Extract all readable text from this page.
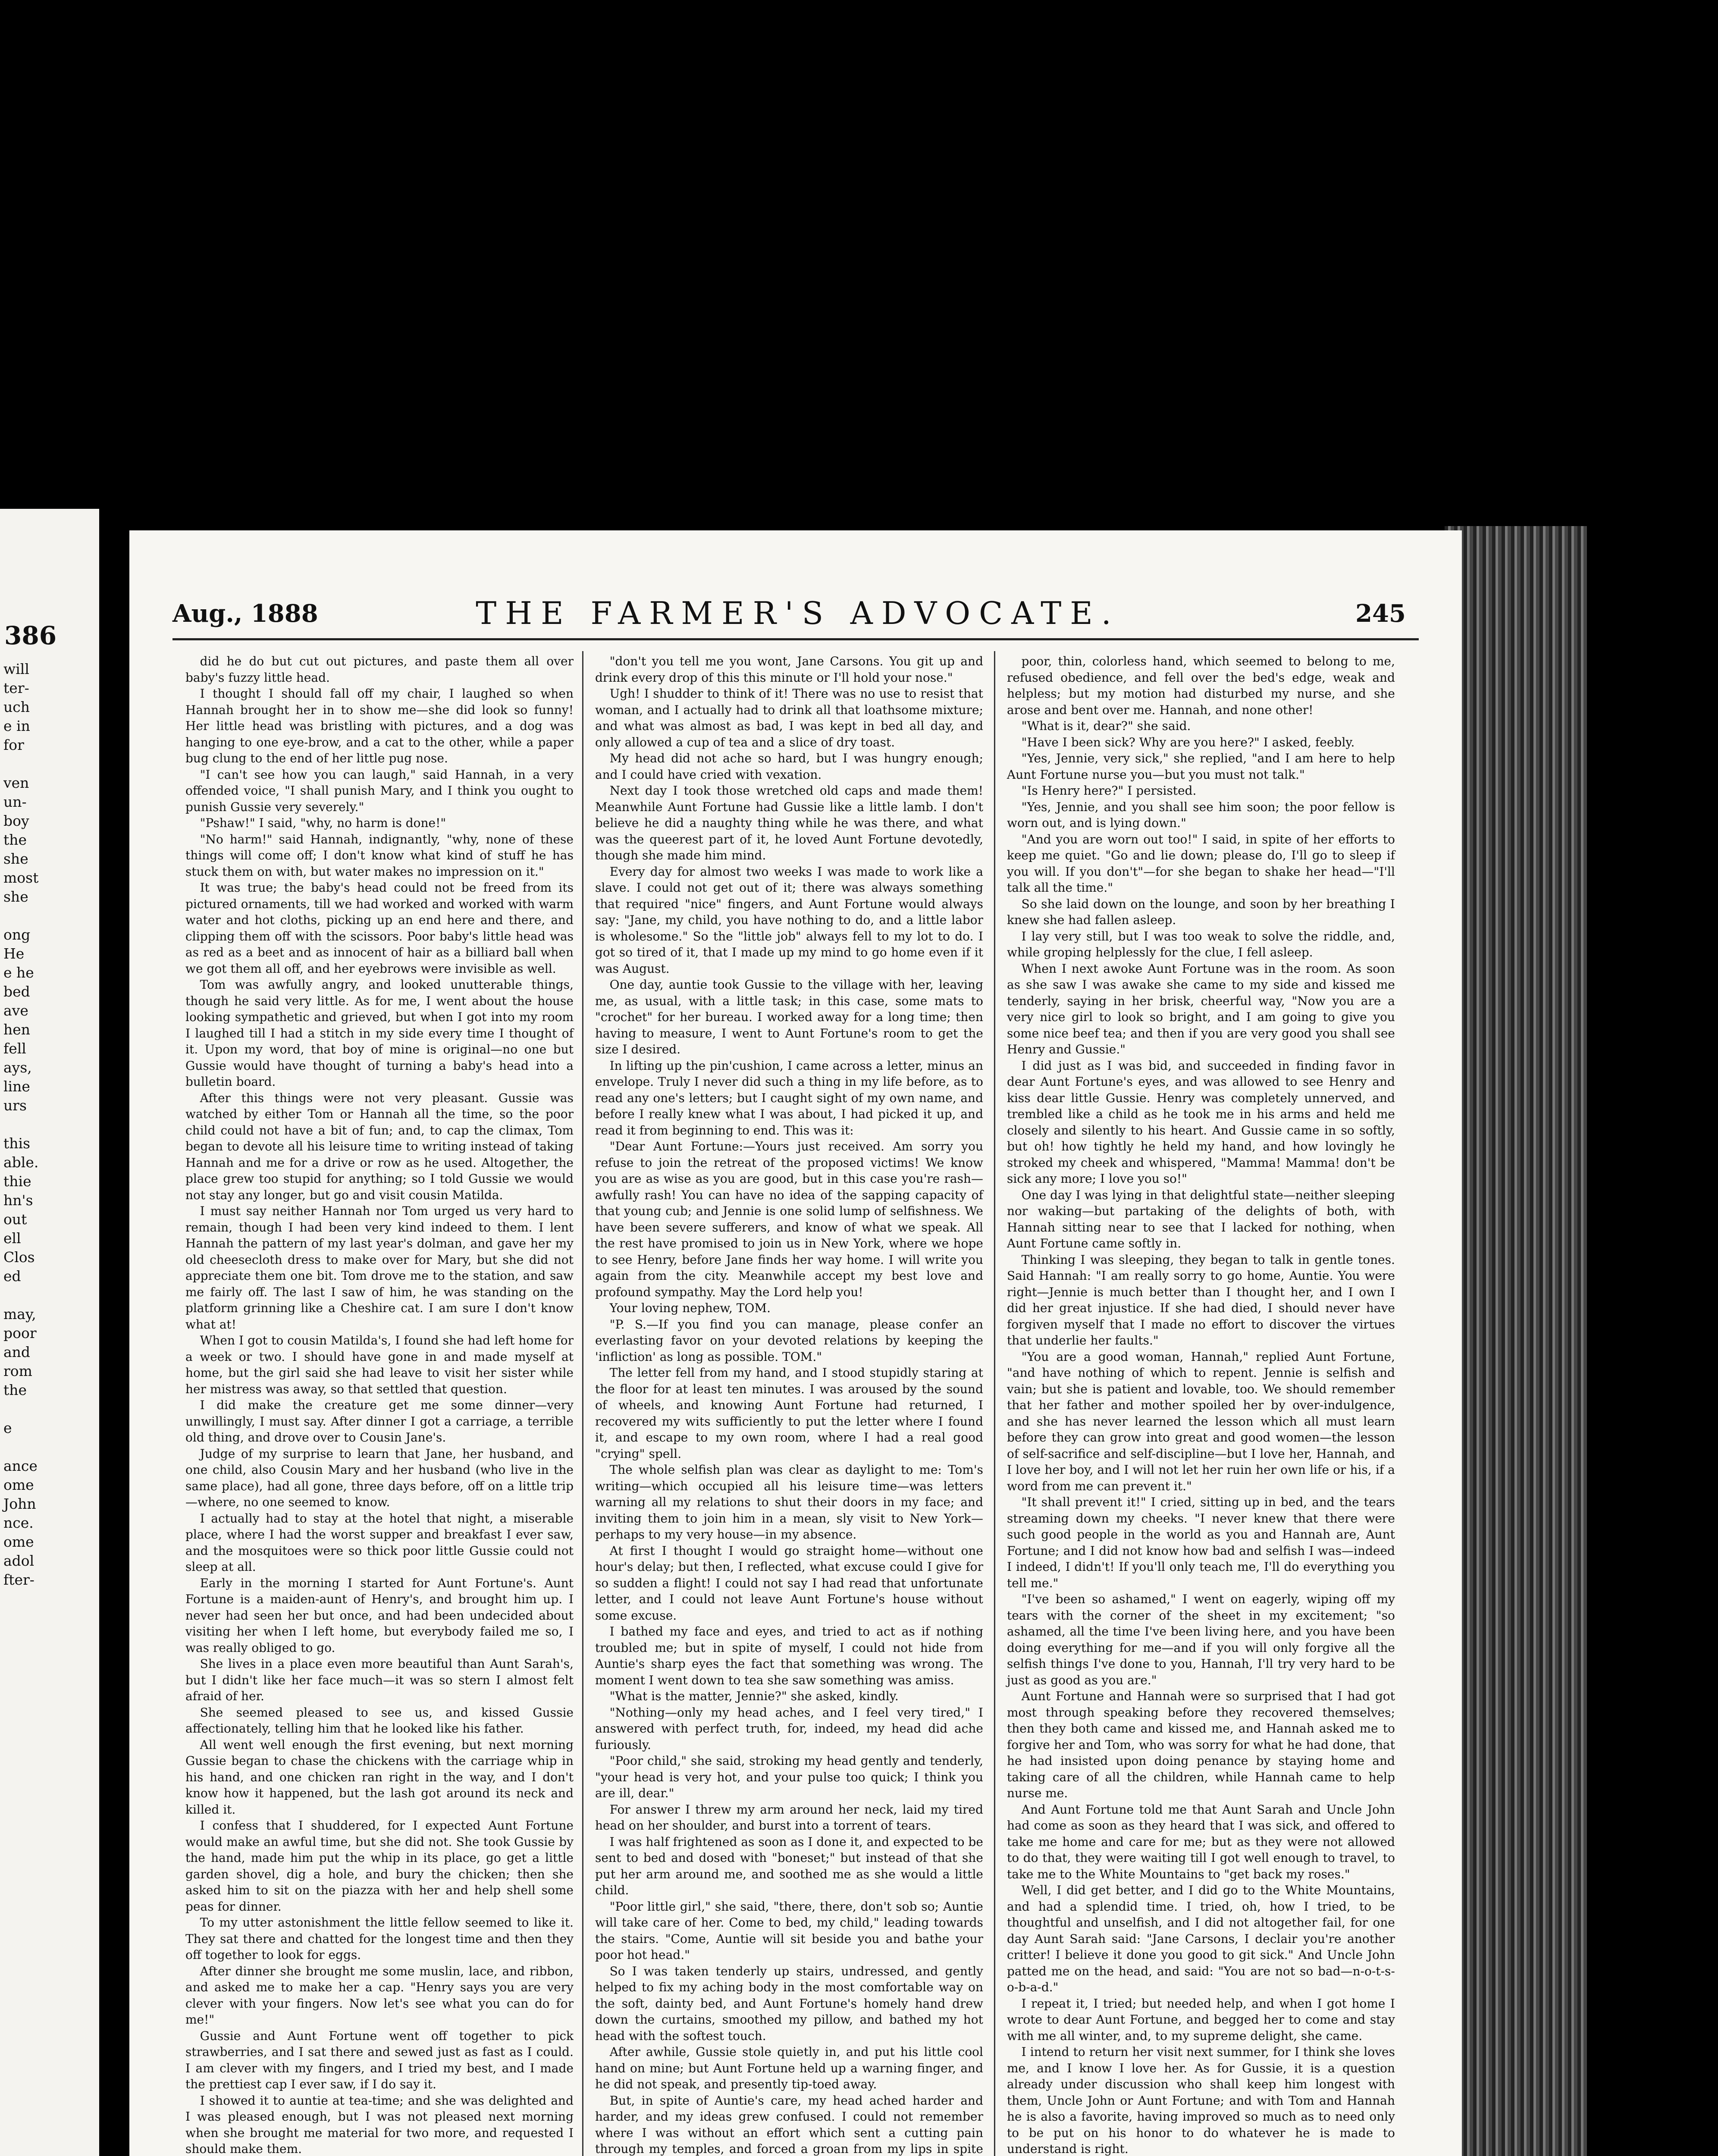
386
will
ter-
uch
e in
for

ven
un-
boy
the
she
most
she

ong
He
e he
bed
ave
hen
fell
ays,
line
urs

this
able.
thie
hn's
out
ell
Clos
ed

may,
poor
and
rom
the

e

ance
ome
John
nce.
ome
adol
fter-
Aug., 1888	THE FARMER'S ADVOCATE.	245

did he do but cut out pictures, and paste them all over baby's fuzzy little head.

I thought I should fall off my chair, I laughed so when Hannah brought her in to show me—she did look so funny! Her little head was bristling with pictures, and a dog was hanging to one eye-brow, and a cat to the other, while a paper bug clung to the end of her little pug nose.

"I can't see how you can laugh," said Hannah, in a very offended voice, "I shall punish Mary, and I think you ought to punish Gussie very severely."

"Pshaw!" I said, "why, no harm is done!"

"No harm!" said Hannah, indignantly, "why, none of these things will come off; I don't know what kind of stuff he has stuck them on with, but water makes no impression on it."

It was true; the baby's head could not be freed from its pictured ornaments, till we had worked and worked with warm water and hot cloths, picking up an end here and there, and clipping them off with the scissors. Poor baby's little head was as red as a beet and as innocent of hair as a billiard ball when we got them all off, and her eyebrows were invisible as well.

Tom was awfully angry, and looked unutterable things, though he said very little. As for me, I went about the house looking sympathetic and grieved, but when I got into my room I laughed till I had a stitch in my side every time I thought of it. Upon my word, that boy of mine is original—no one but Gussie would have thought of turning a baby's head into a bulletin board.

After this things were not very pleasant. Gussie was watched by either Tom or Hannah all the time, so the poor child could not have a bit of fun; and, to cap the climax, Tom began to devote all his leisure time to writing instead of taking Hannah and me for a drive or row as he used. Altogether, the place grew too stupid for anything; so I told Gussie we would not stay any longer, but go and visit cousin Matilda.

I must say neither Hannah nor Tom urged us very hard to remain, though I had been very kind indeed to them. I lent Hannah the pattern of my last year's dolman, and gave her my old cheesecloth dress to make over for Mary, but she did not appreciate them one bit. Tom drove me to the station, and saw me fairly off. The last I saw of him, he was standing on the platform grinning like a Cheshire cat. I am sure I don't know what at!

When I got to cousin Matilda's, I found she had left home for a week or two. I should have gone in and made myself at home, but the girl said she had leave to visit her sister while her mistress was away, so that settled that question.

I did make the creature get me some dinner—very unwillingly, I must say. After dinner I got a carriage, a terrible old thing, and drove over to Cousin Jane's.

Judge of my surprise to learn that Jane, her husband, and one child, also Cousin Mary and her husband (who live in the same place), had all gone, three days before, off on a little trip—where, no one seemed to know.

I actually had to stay at the hotel that night, a miserable place, where I had the worst supper and breakfast I ever saw, and the mosquitoes were so thick poor little Gussie could not sleep at all.

Early in the morning I started for Aunt Fortune's. Aunt Fortune is a maiden-aunt of Henry's, and brought him up. I never had seen her but once, and had been undecided about visiting her when I left home, but everybody failed me so, I was really obliged to go.

She lives in a place even more beautiful than Aunt Sarah's, but I didn't like her face much—it was so stern I almost felt afraid of her.

She seemed pleased to see us, and kissed Gussie affectionately, telling him that he looked like his father.

All went well enough the first evening, but next morning Gussie began to chase the chickens with the carriage whip in his hand, and one chicken ran right in the way, and I don't know how it happened, but the lash got around its neck and killed it.

I confess that I shuddered, for I expected Aunt Fortune would make an awful time, but she did not. She took Gussie by the hand, made him put the whip in its place, go get a little garden shovel, dig a hole, and bury the chicken; then she asked him to sit on the piazza with her and help shell some peas for dinner.

To my utter astonishment the little fellow seemed to like it. They sat there and chatted for the longest time and then they off together to look for eggs.

After dinner she brought me some muslin, lace, and ribbon, and asked me to make her a cap. "Henry says you are very clever with your fingers. Now let's see what you can do for me!"

Gussie and Aunt Fortune went off together to pick strawberries, and I sat there and sewed just as fast as I could. I am clever with my fingers, and I tried my best, and I made the prettiest cap I ever saw, if I do say it.

I showed it to auntie at tea-time; and she was delighted and I was pleased enough, but I was not pleased next morning when she brought me material for two more, and requested I should make them.

"don't you tell me you wont, Jane Carsons. You git up and drink every drop of this this minute or I'll hold your nose."

Ugh! I shudder to think of it! There was no use to resist that woman, and I actually had to drink all that loathsome mixture; and what was almost as bad, I was kept in bed all day, and only allowed a cup of tea and a slice of dry toast.

My head did not ache so hard, but I was hungry enough; and I could have cried with vexation.

Next day I took those wretched old caps and made them! Meanwhile Aunt Fortune had Gussie like a little lamb. I don't believe he did a naughty thing while he was there, and what was the queerest part of it, he loved Aunt Fortune devotedly, though she made him mind.

Every day for almost two weeks I was made to work like a slave. I could not get out of it; there was always something that required "nice" fingers, and Aunt Fortune would always say: "Jane, my child, you have nothing to do, and a little labor is wholesome." So the "little job" always fell to my lot to do. I got so tired of it, that I made up my mind to go home even if it was August.

One day, auntie took Gussie to the village with her, leaving me, as usual, with a little task; in this case, some mats to "crochet" for her bureau. I worked away for a long time; then having to measure, I went to Aunt Fortune's room to get the size I desired.

In lifting up the pin'cushion, I came across a letter, minus an envelope. Truly I never did such a thing in my life before, as to read any one's letters; but I caught sight of my own name, and before I really knew what I was about, I had picked it up, and read it from beginning to end. This was it:

"Dear Aunt Fortune:—Yours just received. Am sorry you refuse to join the retreat of the proposed victims! We know you are as wise as you are good, but in this case you're rash—awfully rash! You can have no idea of the sapping capacity of that young cub; and Jennie is one solid lump of selfishness. We have been severe sufferers, and know of what we speak. All the rest have promised to join us in New York, where we hope to see Henry, before Jane finds her way home. I will write you again from the city. Meanwhile accept my best love and profound sympathy. May the Lord help you!

Your loving nephew, TOM.

"P. S.—If you find you can manage, please confer an everlasting favor on your devoted relations by keeping the 'infliction' as long as possible. TOM."

The letter fell from my hand, and I stood stupidly staring at the floor for at least ten minutes. I was aroused by the sound of wheels, and knowing Aunt Fortune had returned, I recovered my wits sufficiently to put the letter where I found it, and escape to my own room, where I had a real good "crying" spell.

The whole selfish plan was clear as daylight to me: Tom's writing—which occupied all his leisure time—was letters warning all my relations to shut their doors in my face; and inviting them to join him in a mean, sly visit to New York—perhaps to my very house—in my absence.

At first I thought I would go straight home—without one hour's delay; but then, I reflected, what excuse could I give for so sudden a flight! I could not say I had read that unfortunate letter, and I could not leave Aunt Fortune's house without some excuse.

I bathed my face and eyes, and tried to act as if nothing troubled me; but in spite of myself, I could not hide from Auntie's sharp eyes the fact that something was wrong. The moment I went down to tea she saw something was amiss.

"What is the matter, Jennie?" she asked, kindly.

"Nothing—only my head aches, and I feel very tired," I answered with perfect truth, for, indeed, my head did ache furiously.

"Poor child," she said, stroking my head gently and tenderly, "your head is very hot, and your pulse too quick; I think you are ill, dear."

For answer I threw my arm around her neck, laid my tired head on her shoulder, and burst into a torrent of tears.

I was half frightened as soon as I done it, and expected to be sent to bed and dosed with "boneset;" but instead of that she put her arm around me, and soothed me as she would a little child.

"Poor little girl," she said, "there, there, don't sob so; Auntie will take care of her. Come to bed, my child," leading towards the stairs. "Come, Auntie will sit beside you and bathe your poor hot head."

So I was taken tenderly up stairs, undressed, and gently helped to fix my aching body in the most comfortable way on the soft, dainty bed, and Aunt Fortune's homely hand drew down the curtains, smoothed my pillow, and bathed my hot head with the softest touch.

After awhile, Gussie stole quietly in, and put his little cool hand on mine; but Aunt Fortune held up a warning finger, and he did not speak, and presently tip-toed away.

But, in spite of Auntie's care, my head ached harder and harder, and my ideas grew confused. I could not remember where I was without an effort which sent a cutting pain through my temples, and forced a groan from my lips in spite

poor, thin, colorless hand, which seemed to belong to me, refused obedience, and fell over the bed's edge, weak and helpless; but my motion had disturbed my nurse, and she arose and bent over me. Hannah, and none other!

"What is it, dear?" she said.

"Have I been sick? Why are you here?" I asked, feebly.

"Yes, Jennie, very sick," she replied, "and I am here to help Aunt Fortune nurse you—but you must not talk."

"Is Henry here?" I persisted.

"Yes, Jennie, and you shall see him soon; the poor fellow is worn out, and is lying down."

"And you are worn out too!" I said, in spite of her efforts to keep me quiet. "Go and lie down; please do, I'll go to sleep if you will. If you don't"—for she began to shake her head—"I'll talk all the time."

So she laid down on the lounge, and soon by her breathing I knew she had fallen asleep.

I lay very still, but I was too weak to solve the riddle, and, while groping helplessly for the clue, I fell asleep.

When I next awoke Aunt Fortune was in the room. As soon as she saw I was awake she came to my side and kissed me tenderly, saying in her brisk, cheerful way, "Now you are a very nice girl to look so bright, and I am going to give you some nice beef tea; and then if you are very good you shall see Henry and Gussie."

I did just as I was bid, and succeeded in finding favor in dear Aunt Fortune's eyes, and was allowed to see Henry and kiss dear little Gussie. Henry was completely unnerved, and trembled like a child as he took me in his arms and held me closely and silently to his heart. And Gussie came in so softly, but oh! how tightly he held my hand, and how lovingly he stroked my cheek and whispered, "Mamma! Mamma! don't be sick any more; I love you so!"

One day I was lying in that delightful state—neither sleeping nor waking—but partaking of the delights of both, with Hannah sitting near to see that I lacked for nothing, when Aunt Fortune came softly in.

Thinking I was sleeping, they began to talk in gentle tones. Said Hannah: "I am really sorry to go home, Auntie. You were right—Jennie is much better than I thought her, and I own I did her great injustice. If she had died, I should never have forgiven myself that I made no effort to discover the virtues that underlie her faults."

"You are a good woman, Hannah," replied Aunt Fortune, "and have nothing of which to repent. Jennie is selfish and vain; but she is patient and lovable, too. We should remember that her father and mother spoiled her by over-indulgence, and she has never learned the lesson which all must learn before they can grow into great and good women—the lesson of self-sacrifice and self-discipline—but I love her, Hannah, and I love her boy, and I will not let her ruin her own life or his, if a word from me can prevent it."

"It shall prevent it!" I cried, sitting up in bed, and the tears streaming down my cheeks. "I never knew that there were such good people in the world as you and Hannah are, Aunt Fortune; and I did not know how bad and selfish I was—indeed I indeed, I didn't! If you'll only teach me, I'll do everything you tell me."

"I've been so ashamed," I went on eagerly, wiping off my tears with the corner of the sheet in my excitement; "so ashamed, all the time I've been living here, and you have been doing everything for me—and if you will only forgive all the selfish things I've done to you, Hannah, I'll try very hard to be just as good as you are."

Aunt Fortune and Hannah were so surprised that I had got most through speaking before they recovered themselves; then they both came and kissed me, and Hannah asked me to forgive her and Tom, who was sorry for what he had done, that he had insisted upon doing penance by staying home and taking care of all the children, while Hannah came to help nurse me.

And Aunt Fortune told me that Aunt Sarah and Uncle John had come as soon as they heard that I was sick, and offered to take me home and care for me; but as they were not allowed to do that, they were waiting till I got well enough to travel, to take me to the White Mountains to "get back my roses."

Well, I did get better, and I did go to the White Mountains, and had a splendid time. I tried, oh, how I tried, to be thoughtful and unselfish, and I did not altogether fail, for one day Aunt Sarah said: "Jane Carsons, I declair you're another critter! I believe it done you good to git sick." And Uncle John patted me on the head, and said: "You are not so bad—n-o-t-s-o-b-a-d."

I repeat it, I tried; but needed help, and when I got home I wrote to dear Aunt Fortune, and begged her to come and stay with me all winter, and, to my supreme delight, she came.

I intend to return her visit next summer, for I think she loves me, and I know I love her. As for Gussie, it is a question already under discussion who shall keep him longest with them, Uncle John or Aunt Fortune; and with Tom and Hannah he is also a favorite, having improved so much as to need only to be put on his honor to do whatever he is made to understand is right.
